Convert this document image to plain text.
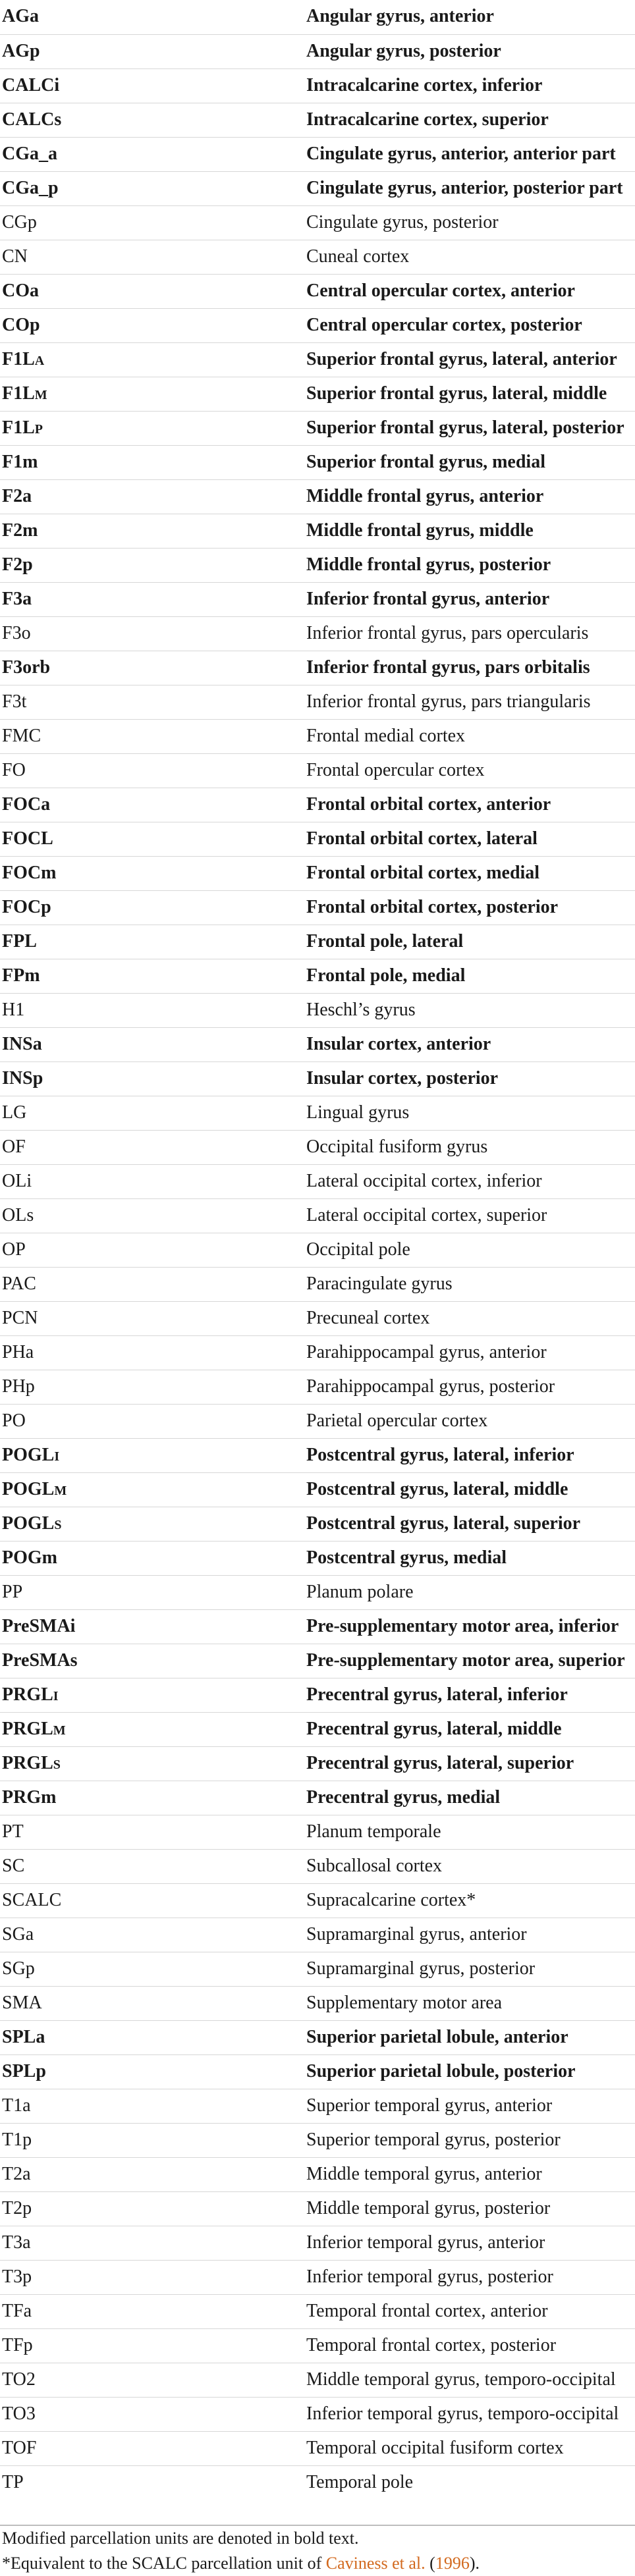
AGa	Angular gyrus, anterior
AGp	Angular gyrus, posterior
CALCi	Intracalcarine cortex, inferior
CALCs	Intracalcarine cortex, superior
CGa_a	Cingulate gyrus, anterior, anterior part
CGa_p	Cingulate gyrus, anterior, posterior part
CGp	Cingulate gyrus, posterior
CN	Cuneal cortex
COa	Central opercular cortex, anterior
COp	Central opercular cortex, posterior
F1La	Superior frontal gyrus, lateral, anterior
F1Lm	Superior frontal gyrus, lateral, middle
F1Lp	Superior frontal gyrus, lateral, posterior
F1m	Superior frontal gyrus, medial
F2a	Middle frontal gyrus, anterior
F2m	Middle frontal gyrus, middle
F2p	Middle frontal gyrus, posterior
F3a	Inferior frontal gyrus, anterior
F3o	Inferior frontal gyrus, pars opercularis
F3orb	Inferior frontal gyrus, pars orbitalis
F3t	Inferior frontal gyrus, pars triangularis
FMC	Frontal medial cortex
FO	Frontal opercular cortex
FOCa	Frontal orbital cortex, anterior
FOCL	Frontal orbital cortex, lateral
FOCm	Frontal orbital cortex, medial
FOCp	Frontal orbital cortex, posterior
FPL	Frontal pole, lateral
FPm	Frontal pole, medial
H1	Heschl’s gyrus
INSa	Insular cortex, anterior
INSp	Insular cortex, posterior
LG	Lingual gyrus
OF	Occipital fusiform gyrus
OLi	Lateral occipital cortex, inferior
OLs	Lateral occipital cortex, superior
OP	Occipital pole
PAC	Paracingulate gyrus
PCN	Precuneal cortex
PHa	Parahippocampal gyrus, anterior
PHp	Parahippocampal gyrus, posterior
PO	Parietal opercular cortex
POGLi	Postcentral gyrus, lateral, inferior
POGLm	Postcentral gyrus, lateral, middle
POGLs	Postcentral gyrus, lateral, superior
POGm	Postcentral gyrus, medial
PP	Planum polare
PreSMAi	Pre-supplementary motor area, inferior
PreSMAs	Pre-supplementary motor area, superior
PRGLi	Precentral gyrus, lateral, inferior
PRGLm	Precentral gyrus, lateral, middle
PRGLs	Precentral gyrus, lateral, superior
PRGm	Precentral gyrus, medial
PT	Planum temporale
SC	Subcallosal cortex
SCALC	Supracalcarine cortex*
SGa	Supramarginal gyrus, anterior
SGp	Supramarginal gyrus, posterior
SMA	Supplementary motor area
SPLa	Superior parietal lobule, anterior
SPLp	Superior parietal lobule, posterior
T1a	Superior temporal gyrus, anterior
T1p	Superior temporal gyrus, posterior
T2a	Middle temporal gyrus, anterior
T2p	Middle temporal gyrus, posterior
T3a	Inferior temporal gyrus, anterior
T3p	Inferior temporal gyrus, posterior
TFa	Temporal frontal cortex, anterior
TFp	Temporal frontal cortex, posterior
TO2	Middle temporal gyrus, temporo-occipital
TO3	Inferior temporal gyrus, temporo-occipital
TOF	Temporal occipital fusiform cortex
TP	Temporal pole
Modified parcellation units are denoted in bold text.
*Equivalent to the SCALC parcellation unit of Caviness et al. (1996).
